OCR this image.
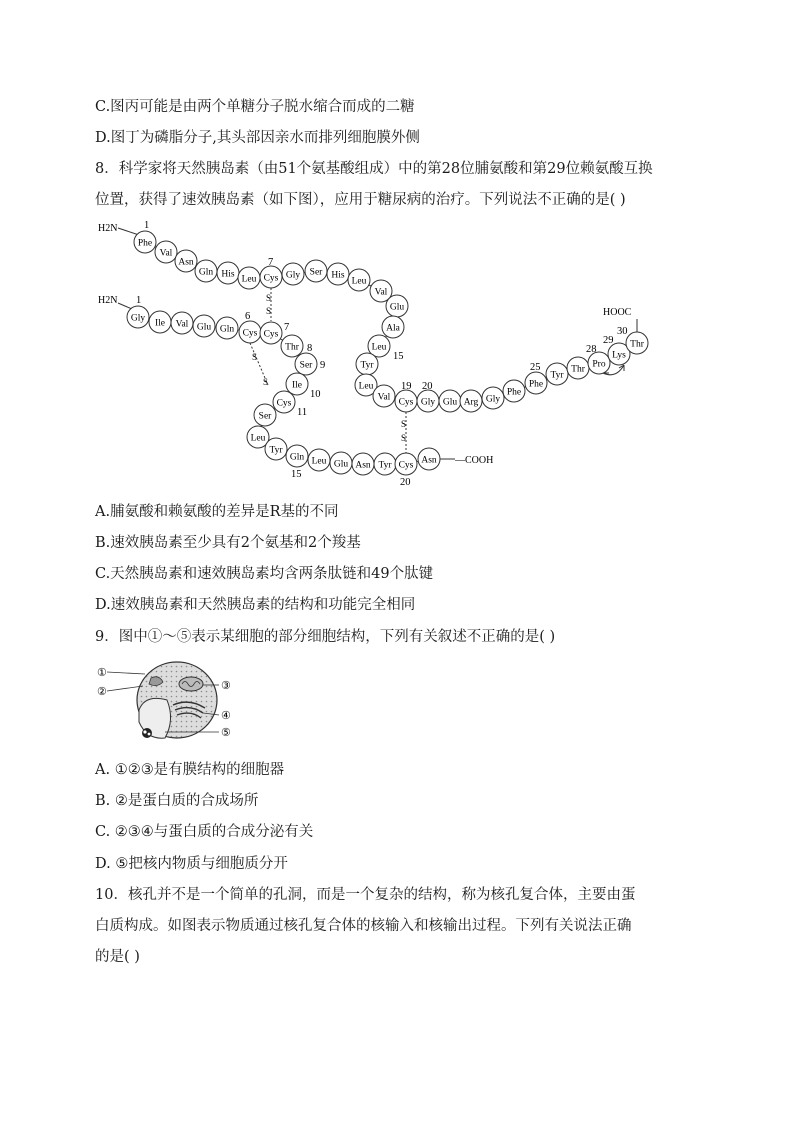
C.图丙可能是由两个单糖分子脱水缩合而成的二糖
D.图丁为磷脂分子,其头部因亲水而排列细胞膜外侧
8．科学家将天然胰岛素（由51个氨基酸组成）中的第28位脯氨酸和第29位赖氨酸互换
位置，获得了速效胰岛素（如下图），应用于糖尿病的治疗。下列说法不正确的是( )
Phe
Val
Asn
Gln His Leu Cys Gly Ser His
Leu
Val
Glu
Ala
Leu
Tyr
Leu
Val Cys Gly Glu Arg Gly
Phe
Phe
Tyr
Thr Pro
Lys
Thr
Gly Ile Val Glu Gln Cys Cys
Thr
Ser
Ile
Cys
Ser
Leu
Tyr
Gln Leu Glu Asn Tyr Cys Asn
H2N
H2N
HOOC
—COOH
S
S
S
S
S
S
1
7
1
6
7
8
9
10
11
15
15
19 20
20
25
28
29
30
A.脯氨酸和赖氨酸的差异是R基的不同
B.速效胰岛素至少具有2个氨基和2个羧基
C.天然胰岛素和速效胰岛素均含两条肽链和49个肽键
D.速效胰岛素和天然胰岛素的结构和功能完全相同
9．图中①～⑤表示某细胞的部分细胞结构，下列有关叙述不正确的是( )
①
②	③
④
⑤
A. ①②③是有膜结构的细胞器
B. ②是蛋白质的合成场所
C. ②③④与蛋白质的合成分泌有关
D. ⑤把核内物质与细胞质分开
10．核孔并不是一个简单的孔洞，而是一个复杂的结构，称为核孔复合体，主要由蛋
白质构成。如图表示物质通过核孔复合体的核输入和核输出过程。下列有关说法正确
的是( )
